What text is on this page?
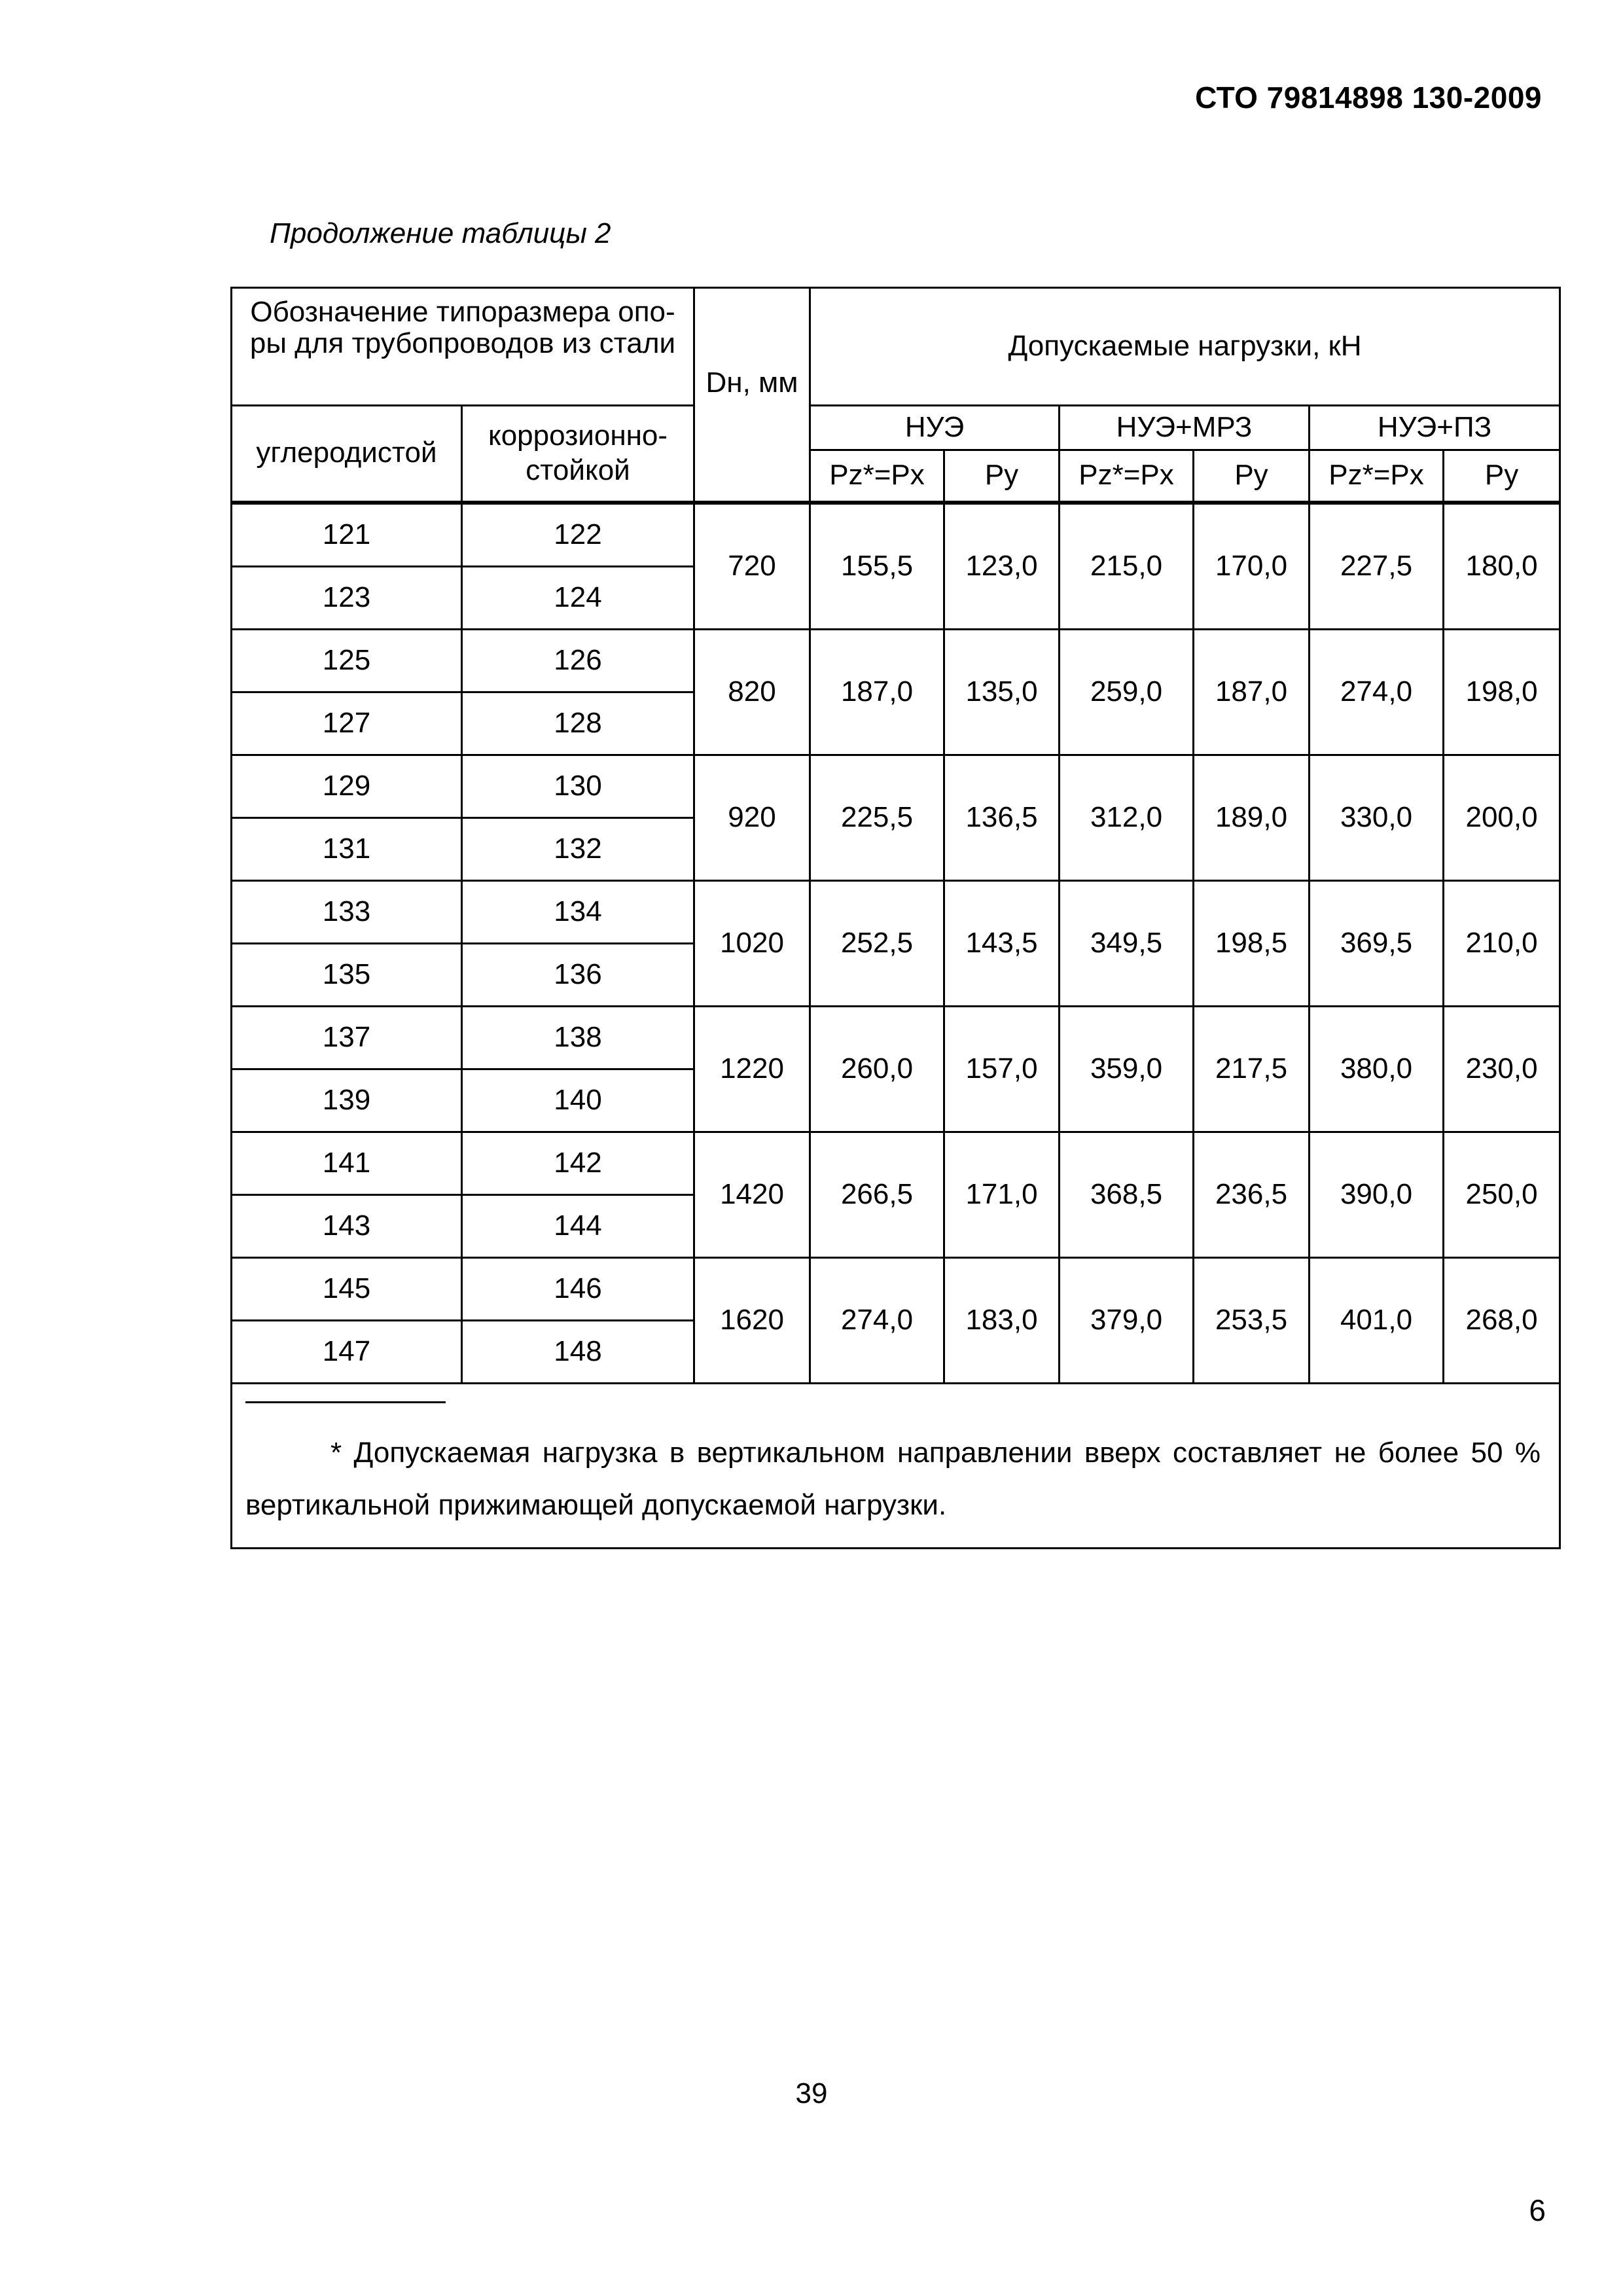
СТО 79814898 130-2009
Продолжение таблицы 2
Обозначение типоразмера опо-ры для трубопроводов из стали		Dн, мм	Допускаемые нагрузки, кН					
углеродистой	коррозионно-стойкой		НУЭ		НУЭ+МРЗ		НУЭ+ПЗ	
			Pz*=Px	Py	Pz*=Px	Py	Pz*=Px	Py
121	122	720	155,5	123,0	215,0	170,0	227,5	180,0
123	124							
125	126	820	187,0	135,0	259,0	187,0	274,0	198,0
127	128							
129	130	920	225,5	136,5	312,0	189,0	330,0	200,0
131	132							
133	134	1020	252,5	143,5	349,5	198,5	369,5	210,0
135	136							
137	138	1220	260,0	157,0	359,0	217,5	380,0	230,0
139	140							
141	142	1420	266,5	171,0	368,5	236,5	390,0	250,0
143	144							
145	146	1620	274,0	183,0	379,0	253,5	401,0	268,0
147	148							

* Допускаемая нагрузка в вертикальном направлении вверх составляет не более 50 % вертикальной прижимающей допускаемой нагрузки.								
39
6
